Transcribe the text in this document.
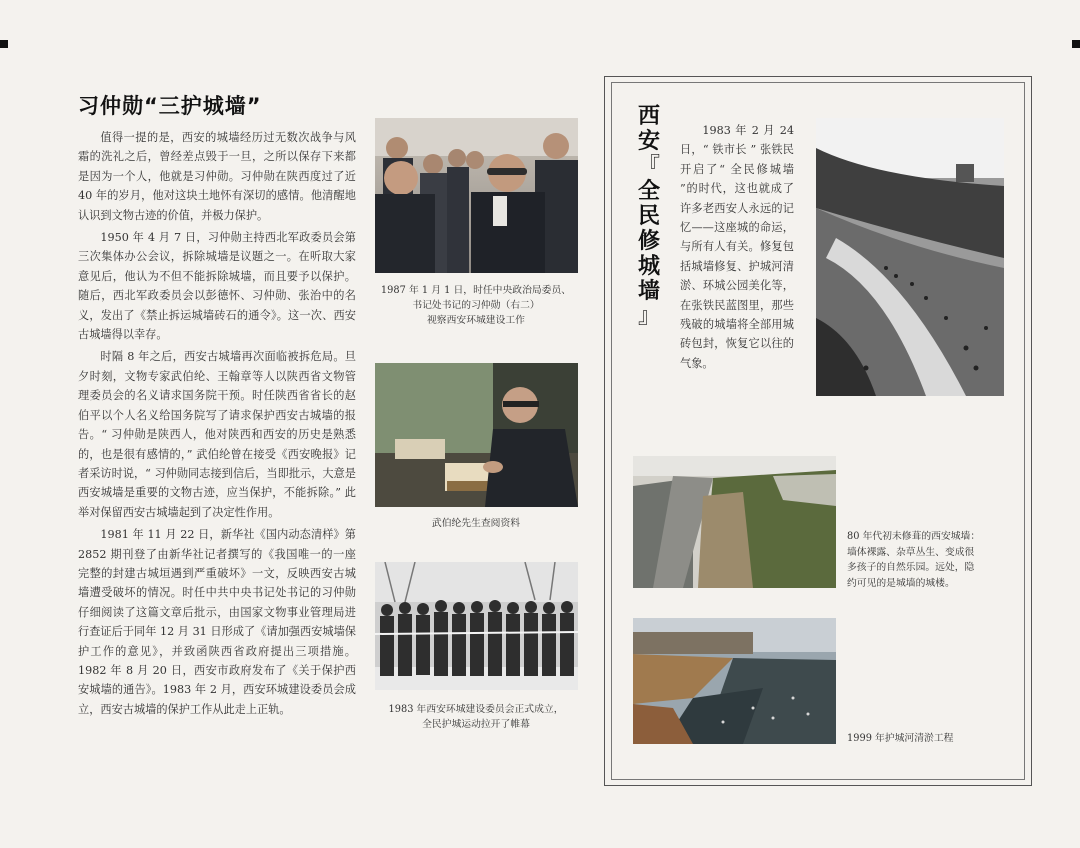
习仲勋“三护城墙”

值得一提的是，西安的城墙经历过无数次战争与风霜的洗礼之后，曾经差点毁于一旦，之所以保存下来都是因为一个人，他就是习仲勋。习仲勋在陕西度过了近 40 年的岁月，他对这块土地怀有深切的感情。他清醒地认识到文物古迹的价值，并极力保护。

1950 年 4 月 7 日，习仲勋主持西北军政委员会第三次集体办公会议，拆除城墙是议题之一。在听取大家意见后，他认为不但不能拆除城墙，而且要予以保护。随后，西北军政委员会以彭德怀、习仲勋、张治中的名义，发出了《禁止拆运城墙砖石的通令》。这一次、西安古城墙得以幸存。

时隔 8 年之后，西安古城墙再次面临被拆危局。旦夕时刻，文物专家武伯纶、王翰章等人以陕西省文物管理委员会的名义请求国务院干预。时任陕西省省长的赵伯平以个人名义给国务院写了请求保护西安古城墙的报告。“ 习仲勋是陕西人，他对陕西和西安的历史是熟悉的，也是很有感情的，” 武伯纶曾在接受《西安晚报》记者采访时说，“ 习仲勋同志接到信后，当即批示，大意是西安城墙是重要的文物古迹，应当保护，不能拆除。” 此举对保留西安古城墙起到了决定性作用。

1981 年 11 月 22 日，新华社《国内动态清样》第 2852 期刊登了由新华社记者撰写的《我国唯一的一座完整的封建古城垣遇到严重破坏》一文，反映西安古城墙遭受破坏的情况。时任中共中央书记处书记的习仲勋仔细阅读了这篇文章后批示，由国家文物事业管理局进行查证后于同年 12 月 31 日形成了《请加强西安城墙保护工作的意见》，并致函陕西省政府提出三项措施。1982 年 8 月 20 日，西安市政府发布了《关于保护西安城墙的通告》。1983 年 2 月，西安环城建设委员会成立，西安古城墙的保护工作从此走上正轨。

1987 年 1 月 1 日，时任中央政治局委员、
书记处书记的习仲勋（右二）
视察西安环城建设工作
武伯纶先生查阅资料
1983 年西安环城建设委员会正式成立，
全民护城运动拉开了帷幕
西
安
『
全
民
修
城
墙
』

1983 年 2 月 24 日，“ 铁市长 ” 张铁民开启了“ 全民修城墙 ”的时代，这也就成了许多老西安人永远的记忆——这座城的命运，与所有人有关。修复包括城墙修复、护城河清淤、环城公园美化等，在张铁民蓝图里，那些残破的城墙将全部用城砖包封，恢复它以往的气象。

80 年代初未修葺的西安城墙：
墙体裸露、杂草丛生、变成很
多孩子的自然乐园。远处，隐
约可见的是城墙的城楼。
1999 年护城河清淤工程
